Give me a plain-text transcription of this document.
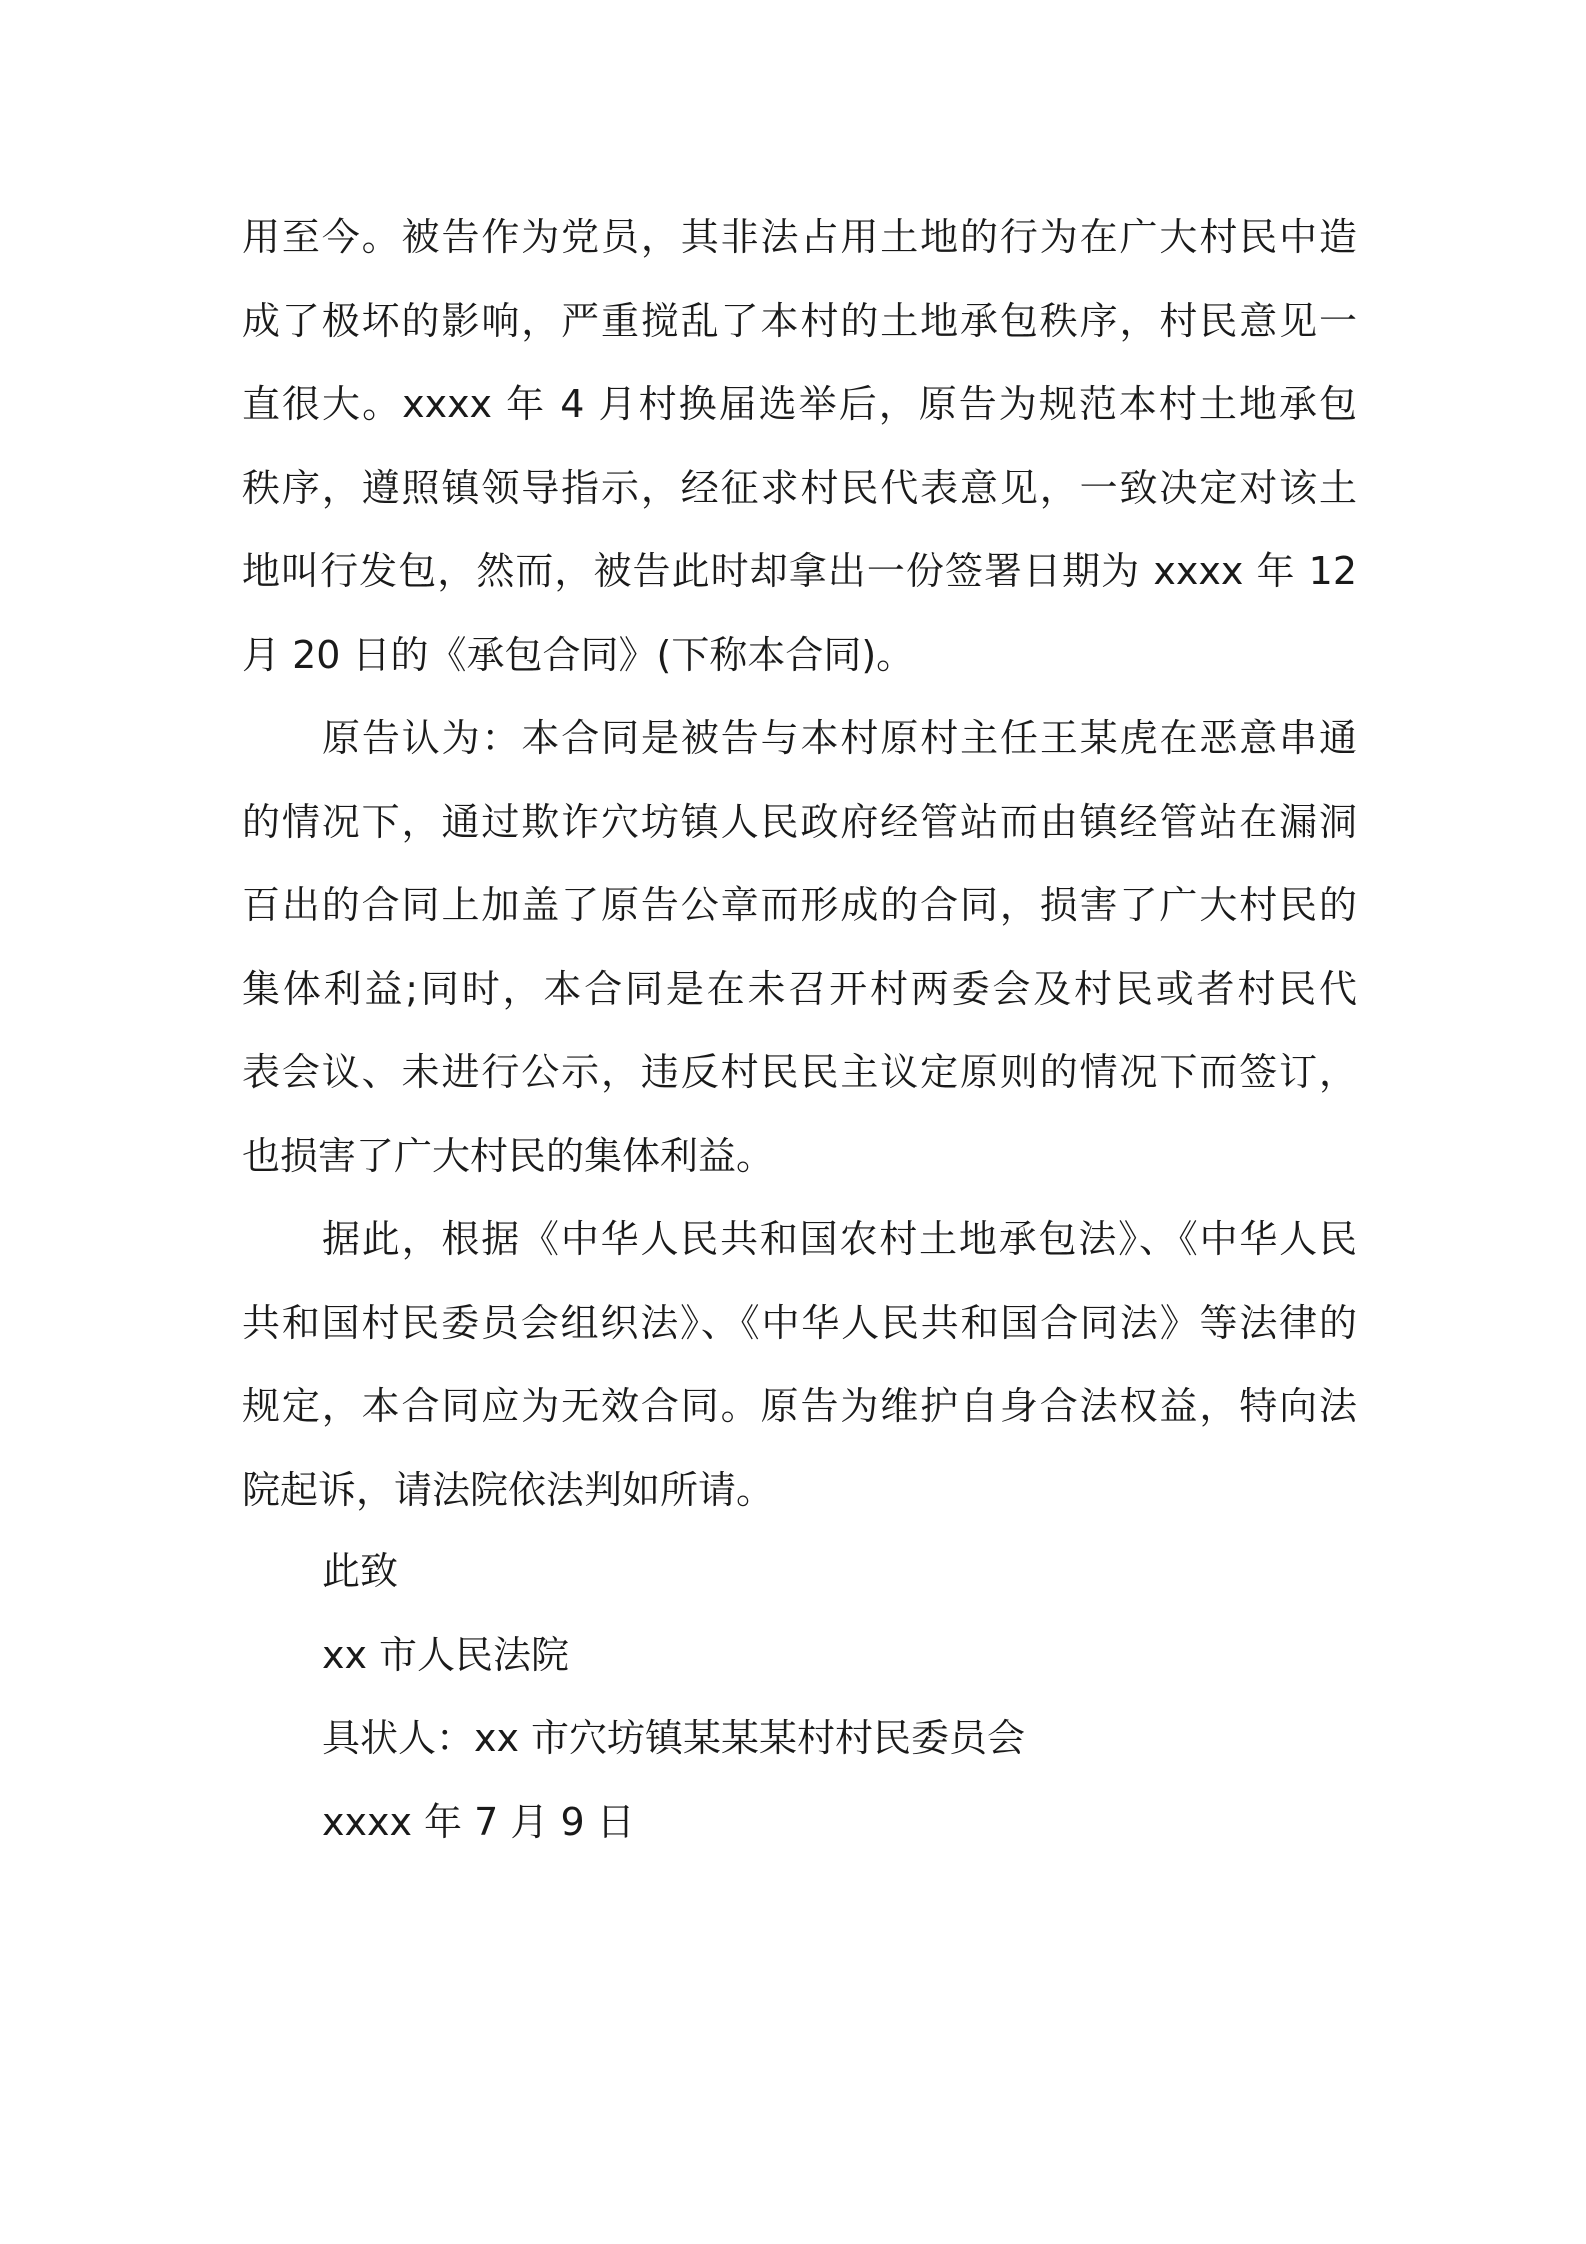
用至今。被告作为党员，其非法占用土地的行为在广大村民中造
成了极坏的影响，严重搅乱了本村的土地承包秩序，村民意见一
直很大。xxxx 年 4 月村换届选举后，原告为规范本村土地承包
秩序，遵照镇领导指示，经征求村民代表意见，一致决定对该土
地叫行发包，然而，被告此时却拿出一份签署日期为 xxxx 年 12
月 20 日的《承包合同》(下称本合同)。
原告认为：本合同是被告与本村原村主任王某虎在恶意串通
的情况下，通过欺诈穴坊镇人民政府经管站而由镇经管站在漏洞
百出的合同上加盖了原告公章而形成的合同，损害了广大村民的
集体利益;同时，本合同是在未召开村两委会及村民或者村民代
表会议、未进行公示，违反村民民主议定原则的情况下而签订，
也损害了广大村民的集体利益。
据此，根据《中华人民共和国农村土地承包法》、《中华人民
共和国村民委员会组织法》、《中华人民共和国合同法》等法律的
规定，本合同应为无效合同。原告为维护自身合法权益，特向法
院起诉，请法院依法判如所请。
此致
xx 市人民法院
具状人：xx 市穴坊镇某某某村村民委员会
xxxx 年 7 月 9 日
